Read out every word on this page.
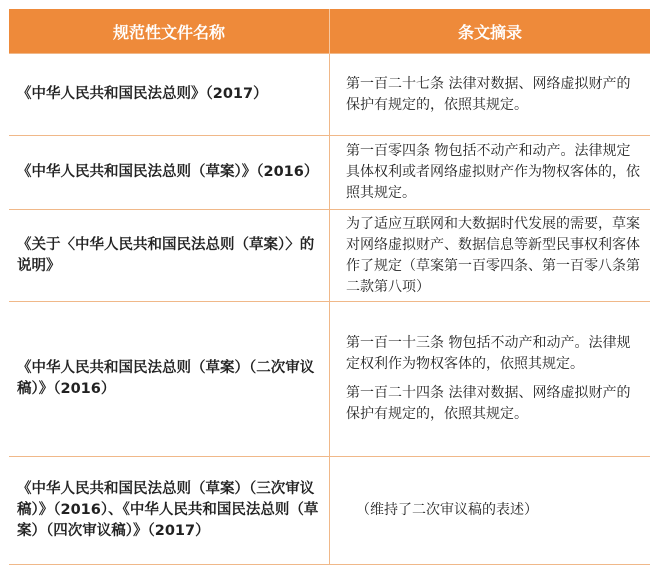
规范性文件名称	条文摘录
《中华人民共和国民法总则》（2017）	第一百二十七条 法律对数据、网络虚拟财产的保护有规定的，依照其规定。

《中华人民共和国民法总则（草案）》（2016）	第一百零四条 物包括不动产和动产。法律规定具体权利或者网络虚拟财产作为物权客体的，依照其规定。

《关于〈中华人民共和国民法总则（草案）〉的说明》	为了适应互联网和大数据时代发展的需要，草案对网络虚拟财产、数据信息等新型民事权利客体作了规定（草案第一百零四条、第一百零八条第二款第八项）

《中华人民共和国民法总则（草案）（二次审议稿）》（2016）	第一百一十三条 物包括不动产和动产。法律规定权利作为物权客体的，依照其规定。

第一百二十四条 法律对数据、网络虚拟财产的保护有规定的，依照其规定。

《中华人民共和国民法总则（草案）（三次审议稿）》（2016）、《中华人民共和国民法总则（草案）（四次审议稿）》（2017）	（维持了二次审议稿的表述）
